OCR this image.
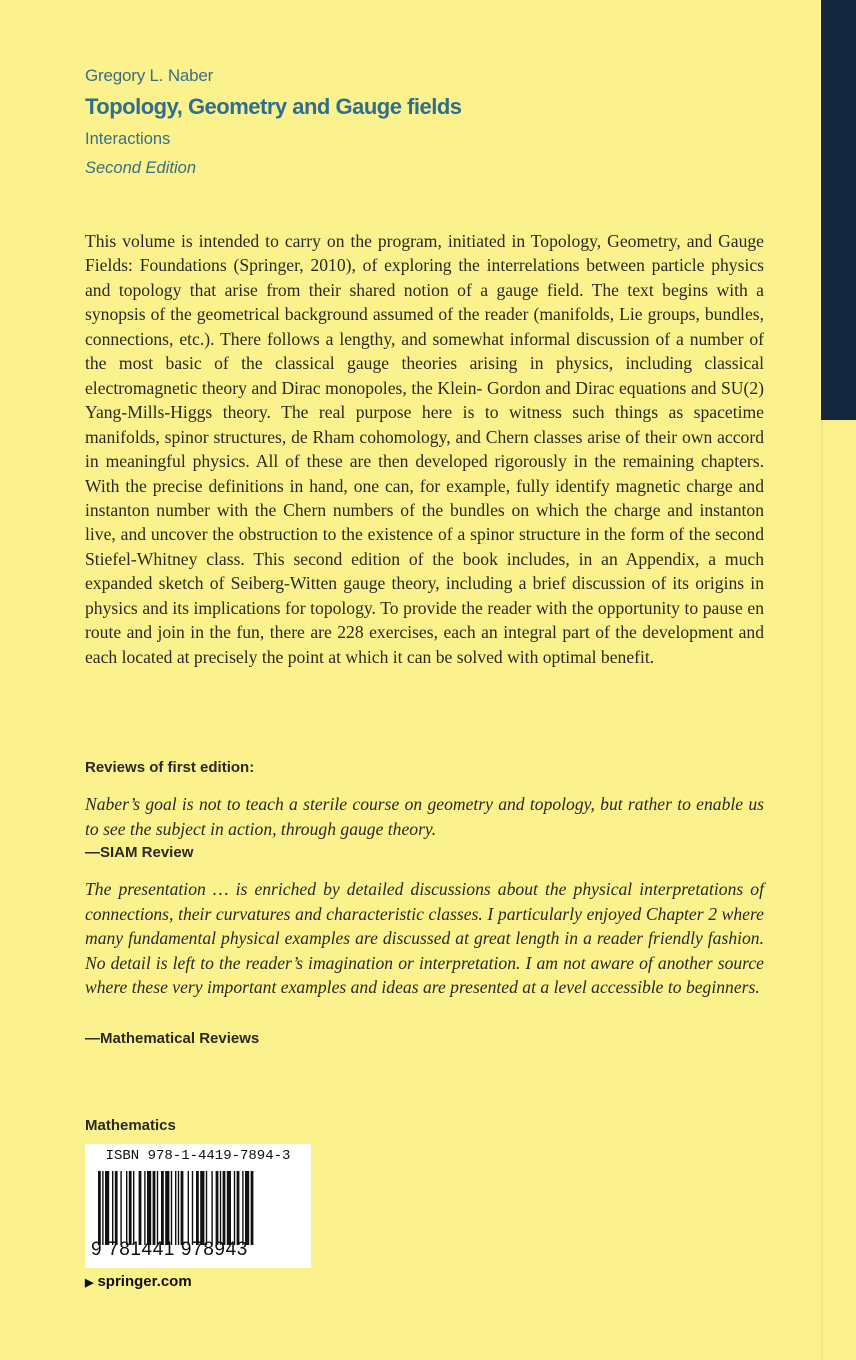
Gregory L. Naber
Topology, Geometry and Gauge fields
Interactions
Second Edition

This volume is intended to carry on the program, initiated in Topology, Geometry, and Gauge Fields: Foundations (Springer, 2010), of exploring the interrelations between particle physics and topology that arise from their shared notion of a gauge field. The text begins with a synopsis of the geometrical background assumed of the reader (manifolds, Lie groups, bundles, connections, etc.). There follows a lengthy, and somewhat informal discussion of a number of the most basic of the classical gauge theories arising in physics, including classical electromagnetic theory and Dirac monopoles, the Klein- Gordon and Dirac equations and SU(2) Yang-Mills-Higgs theory. The real purpose here is to witness such things as spacetime manifolds, spinor structures, de Rham cohomology, and Chern classes arise of their own accord in meaningful physics. All of these are then developed rigorously in the remaining chapters. With the precise definitions in hand, one can, for example, fully identify magnetic charge and instanton number with the Chern numbers of the bundles on which the charge and instanton live, and uncover the obstruction to the existence of a spinor structure in the form of the second Stiefel-Whitney class. This second edition of the book includes, in an Appendix, a much expanded sketch of Seiberg-Witten gauge theory, including a brief discussion of its origins in physics and its implications for topology. To provide the reader with the opportunity to pause en route and join in the fun, there are 228 exercises, each an integral part of the development and each located at precisely the point at which it can be solved with optimal benefit.

Reviews of first edition:

Naber’s goal is not to teach a sterile course on geometry and topology, but rather to enable us to see the subject in action, through gauge theory.

—SIAM Review

The presentation … is enriched by detailed discussions about the physical interpretations of connections, their curvatures and characteristic classes. I particularly enjoyed Chapter 2 where many fundamental physical examples are discussed at great length in a reader friendly fashion. No detail is left to the reader’s imagination or interpretation. I am not aware of another source where these very important examples and ideas are presented at a level accessible to beginners.

—Mathematical Reviews
Mathematics
ISBN 978-1-4419-7894-3
9 781441 978943
▶ springer.com
